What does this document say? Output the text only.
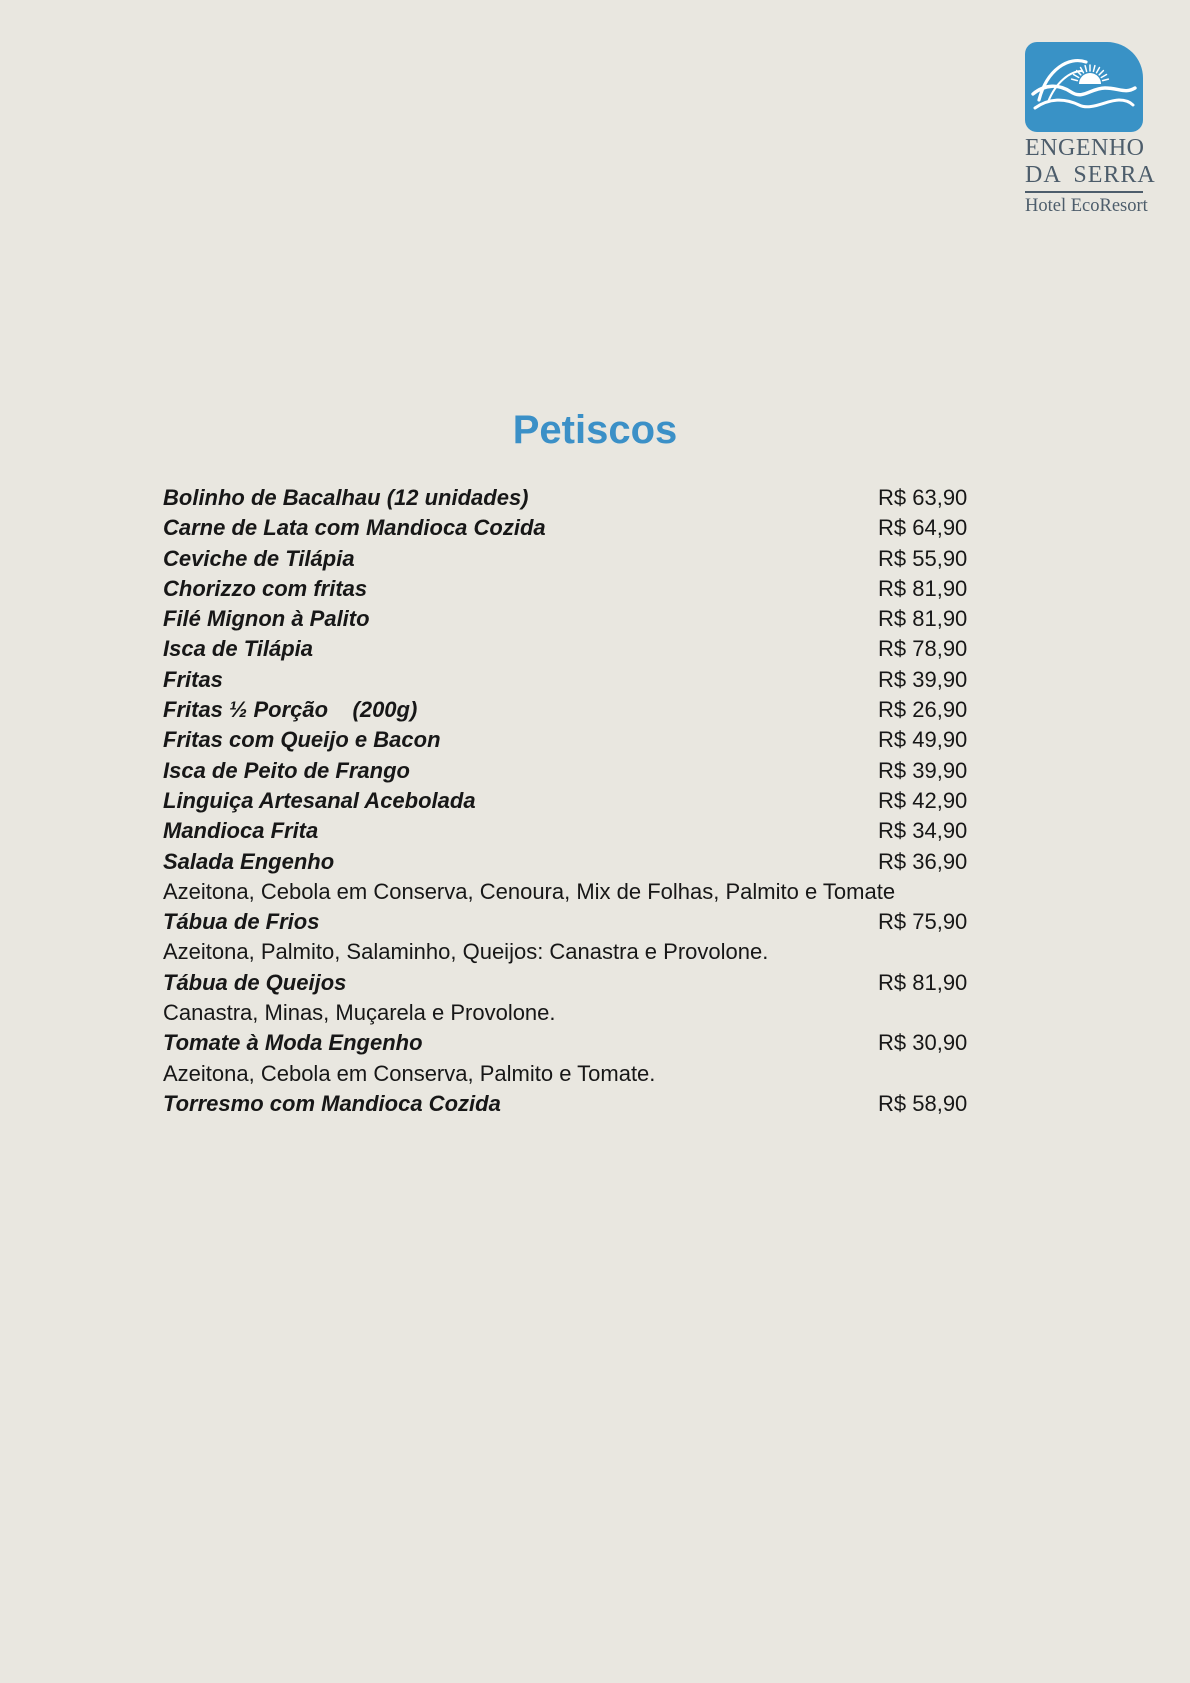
ENGENHO
DA SERRA
Hotel EcoResort
Petiscos
Bolinho de Bacalhau (12 unidades)	R$ 63,90
Carne de Lata com Mandioca Cozida	R$ 64,90
Ceviche de Tilápia	R$ 55,90
Chorizzo com fritas	R$ 81,90
Filé Mignon à Palito	R$ 81,90
Isca de Tilápia	R$ 78,90
Fritas	R$ 39,90
Fritas ½ Porção    (200g)	R$ 26,90
Fritas com Queijo e Bacon	R$ 49,90
Isca de Peito de Frango	R$ 39,90
Linguiça Artesanal Acebolada	R$ 42,90
Mandioca Frita	R$ 34,90
Salada Engenho	R$ 36,90
Azeitona, Cebola em Conserva, Cenoura, Mix de Folhas, Palmito e Tomate
Tábua de Frios	R$ 75,90
Azeitona, Palmito, Salaminho, Queijos: Canastra e Provolone.
Tábua de Queijos	R$ 81,90
Canastra, Minas, Muçarela e Provolone.
Tomate à Moda Engenho	R$ 30,90
Azeitona, Cebola em Conserva, Palmito e Tomate.
Torresmo com Mandioca Cozida	R$ 58,90
